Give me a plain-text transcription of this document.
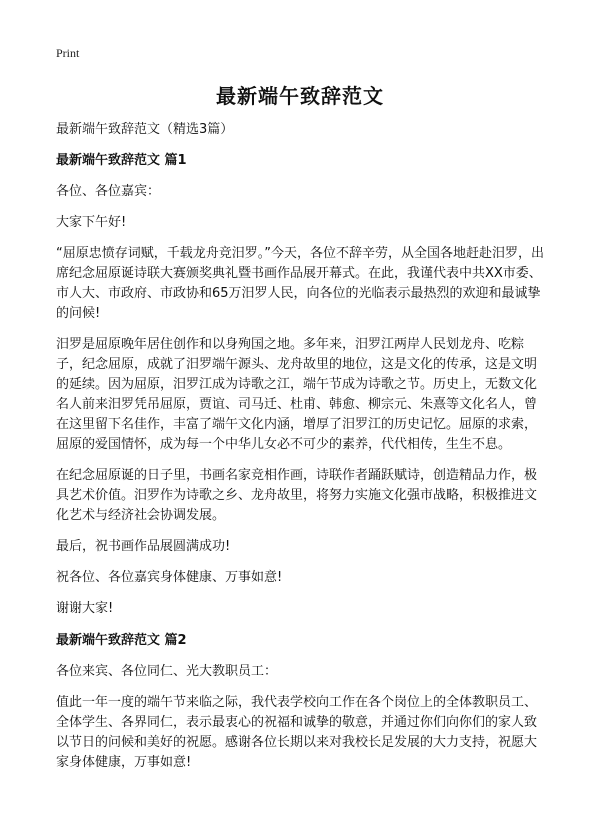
Print
最新端午致辞范文

最新端午致辞范文（精选3篇）

最新端午致辞范文 篇1

各位、各位嘉宾：

大家下午好!

“屈原忠愤存词赋，千载龙舟竞汨罗。”今天，各位不辞辛劳，从全国各地赶赴汨罗，出席纪念屈原诞诗联大赛颁奖典礼暨书画作品展开幕式。在此，我谨代表中共XX市委、市人大、市政府、市政协和65万汨罗人民，向各位的光临表示最热烈的欢迎和最诚挚的问候!

汨罗是屈原晚年居住创作和以身殉国之地。多年来，汨罗江两岸人民划龙舟、吃粽子，纪念屈原，成就了汨罗端午源头、龙舟故里的地位，这是文化的传承，这是文明的延续。因为屈原，汨罗江成为诗歌之江，端午节成为诗歌之节。历史上，无数文化名人前来汨罗凭吊屈原，贾谊、司马迁、杜甫、韩愈、柳宗元、朱熹等文化名人，曾在这里留下名佳作，丰富了端午文化内涵，增厚了汨罗江的历史记忆。屈原的求索，屈原的爱国情怀，成为每一个中华儿女必不可少的素养，代代相传，生生不息。

在纪念屈原诞的日子里，书画名家竞相作画，诗联作者踊跃赋诗，创造精品力作，极具艺术价值。汨罗作为诗歌之乡、龙舟故里，将努力实施文化强市战略，积极推进文化艺术与经济社会协调发展。

最后，祝书画作品展圆满成功!

祝各位、各位嘉宾身体健康、万事如意!

谢谢大家!

最新端午致辞范文 篇2

各位来宾、各位同仁、光大教职员工：

值此一年一度的端午节来临之际，我代表学校向工作在各个岗位上的全体教职员工、全体学生、各界同仁，表示最衷心的祝福和诚挚的敬意，并通过你们向你们的家人致以节日的问候和美好的祝愿。感谢各位长期以来对我校长足发展的大力支持，祝愿大家身体健康，万事如意!
